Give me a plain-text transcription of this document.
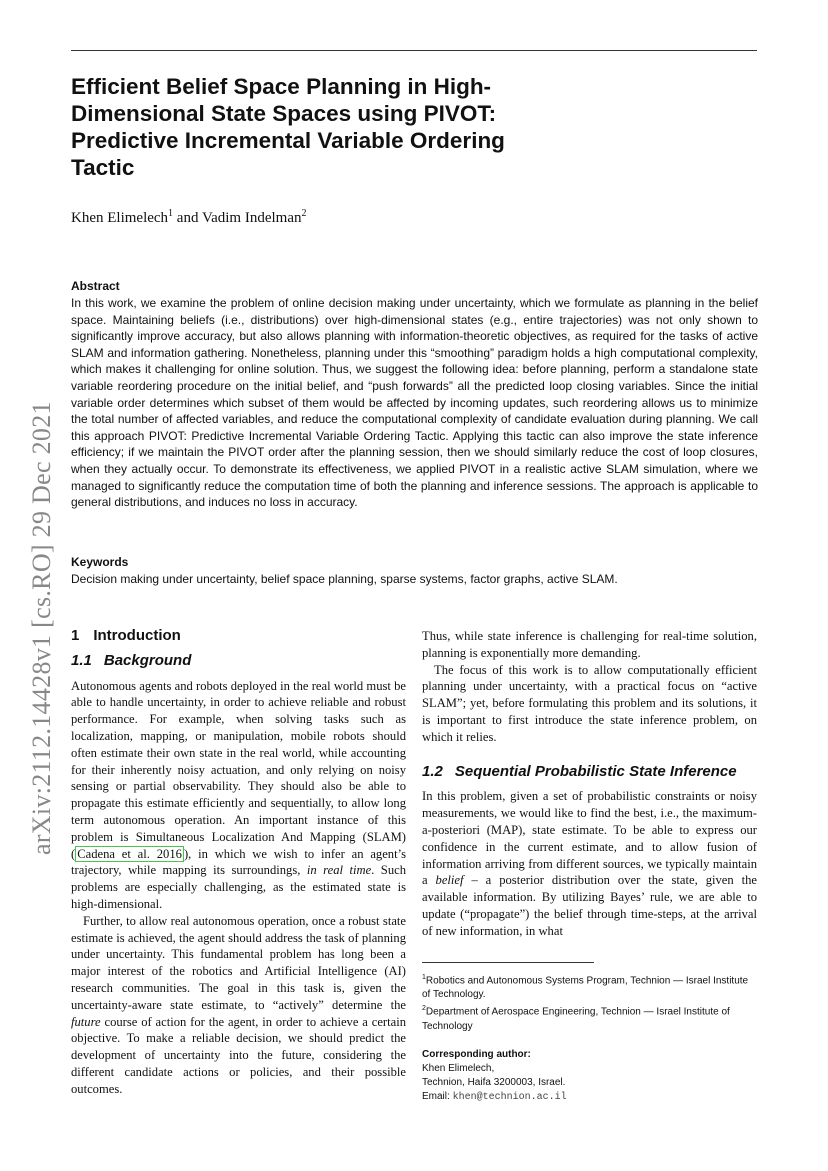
arXiv:2112.14428v1 [cs.RO] 29 Dec 2021
Efficient Belief Space Planning in High-Dimensional State Spaces using PIVOT: Predictive Incremental Variable Ordering Tactic
Khen Elimelech$^1$ and Vadim Indelman$^2$
Abstract

In this work, we examine the problem of online decision making under uncertainty, which we formulate as planning in the belief space. Maintaining beliefs (i.e., distributions) over high-dimensional states (e.g., entire trajectories) was not only shown to significantly improve accuracy, but also allows planning with information-theoretic objectives, as required for the tasks of active SLAM and information gathering. Nonetheless, planning under this “smoothing” paradigm holds a high computational complexity, which makes it challenging for online solution. Thus, we suggest the following idea: before planning, perform a standalone state variable reordering procedure on the initial belief, and “push forwards” all the predicted loop closing variables. Since the initial variable order determines which subset of them would be affected by incoming updates, such reordering allows us to minimize the total number of affected variables, and reduce the computational complexity of candidate evaluation during planning. We call this approach PIVOT: Predictive Incremental Variable Ordering Tactic. Applying this tactic can also improve the state inference efficiency; if we maintain the PIVOT order after the planning session, then we should similarly reduce the cost of loop closures, when they actually occur. To demonstrate its effectiveness, we applied PIVOT in a realistic active SLAM simulation, where we managed to significantly reduce the computation time of both the planning and inference sessions. The approach is applicable to general distributions, and induces no loss in accuracy.

Keywords

Decision making under uncertainty, belief space planning, sparse systems, factor graphs, active SLAM.

1 Introduction
1.1 Background

Autonomous agents and robots deployed in the real world must be able to handle uncertainty, in order to achieve reliable and robust performance. For example, when solving tasks such as localization, mapping, or manipulation, mobile robots should often estimate their own state in the real world, while accounting for their inherently noisy actuation, and only relying on noisy sensing or partial observability. They should also be able to propagate this estimate efficiently and sequentially, to allow long term autonomous operation. An important instance of this problem is Simultaneous Localization And Mapping (SLAM) ( Cadena et al. 2016 ), in which we wish to infer an agent’s trajectory, while mapping its surroundings, in real time. Such problems are especially challenging, as the estimated state is high-dimensional.

Further, to allow real autonomous operation, once a robust state estimate is achieved, the agent should address the task of planning under uncertainty. This fundamental problem has long been a major interest of the robotics and Artificial Intelligence (AI) research communities. The goal in this task is, given the uncertainty-aware state estimate, to “actively” determine the future course of action for the agent, in order to achieve a certain objective. To make a reliable decision, we should predict the development of uncertainty into the future, considering the different candidate actions or policies, and their possible outcomes.

Thus, while state inference is challenging for real-time solution, planning is exponentially more demanding.

The focus of this work is to allow computationally efficient planning under uncertainty, with a practical focus on “active SLAM”; yet, before formulating this problem and its solutions, it is important to first introduce the state inference problem, on which it relies.

1.2 Sequential Probabilistic State Inference

In this problem, given a set of probabilistic constraints or noisy measurements, we would like to find the best, i.e., the maximum-a-posteriori (MAP), state estimate. To be able to express our confidence in the current estimate, and to allow fusion of information arriving from different sources, we typically maintain a belief – a posterior distribution over the state, given the available information. By utilizing Bayes’ rule, we are able to update (“propagate”) the belief through time-steps, at the arrival of new information, in what

$^1$Robotics and Autonomous Systems Program, Technion — Israel Institute of Technology.

$^2$Department of Aerospace Engineering, Technion — Israel Institute of Technology

Corresponding author:

Khen Elimelech,

Technion, Haifa 3200003, Israel.

Email: khen@technion.ac.il
